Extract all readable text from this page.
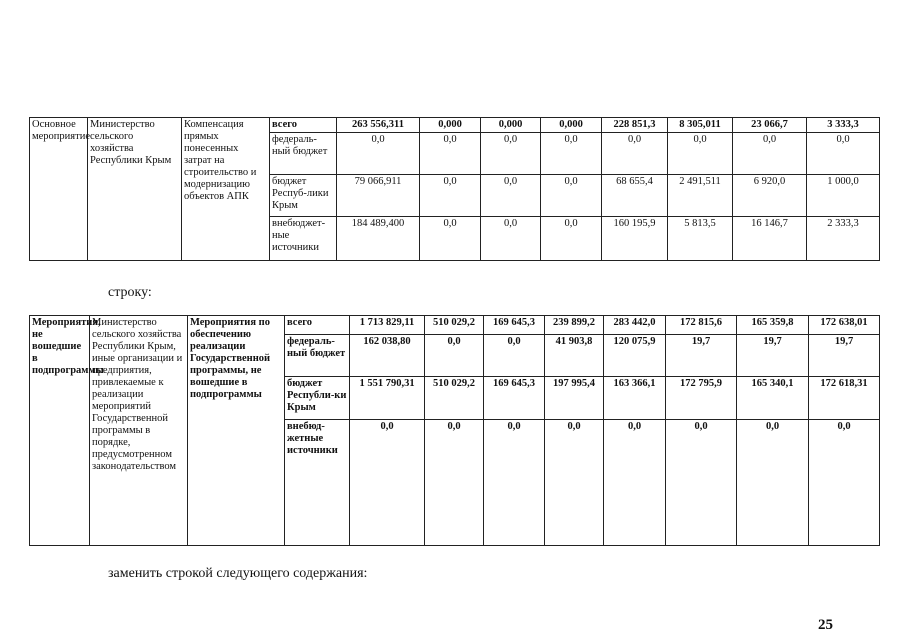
Основное мероприятие	Министерство сельского хозяйства Республики Крым	Компенсация прямых понесенных затрат на строительство и модернизацию объектов АПК	всего	263 556,311	0,000	0,000	0,000	228 851,3	8 305,011	23 066,7	3 333,3
			федераль-ный бюджет	0,0	0,0	0,0	0,0	0,0	0,0	0,0	0,0
			бюджет Респуб-лики Крым	79 066,911	0,0	0,0	0,0	68 655,4	2 491,511	6 920,0	1 000,0
			внебюджет-ные источники	184 489,400	0,0	0,0	0,0	160 195,9	5 813,5	16 146,7	2 333,3
строку:
Мероприятия, не вошедшие в подпрограммы	Министерство сельского хозяйства Республики Крым, иные организации и предприятия, привлекаемые к реализации мероприятий Государственной программы в порядке, предусмотренном законодательством	Мероприятия по обеспечению реализации Государственной программы, не вошедшие в подпрограммы	всего	1 713 829,11	510 029,2	169 645,3	239 899,2	283 442,0	172 815,6	165 359,8	172 638,01
			федераль-ный бюджет	162 038,80	0,0	0,0	41 903,8	120 075,9	19,7	19,7	19,7
			бюджет Республи-ки Крым	1 551 790,31	510 029,2	169 645,3	197 995,4	163 366,1	172 795,9	165 340,1	172 618,31
			внебюд-жетные источники	0,0	0,0	0,0	0,0	0,0	0,0	0,0	0,0
заменить строкой следующего содержания:
25
